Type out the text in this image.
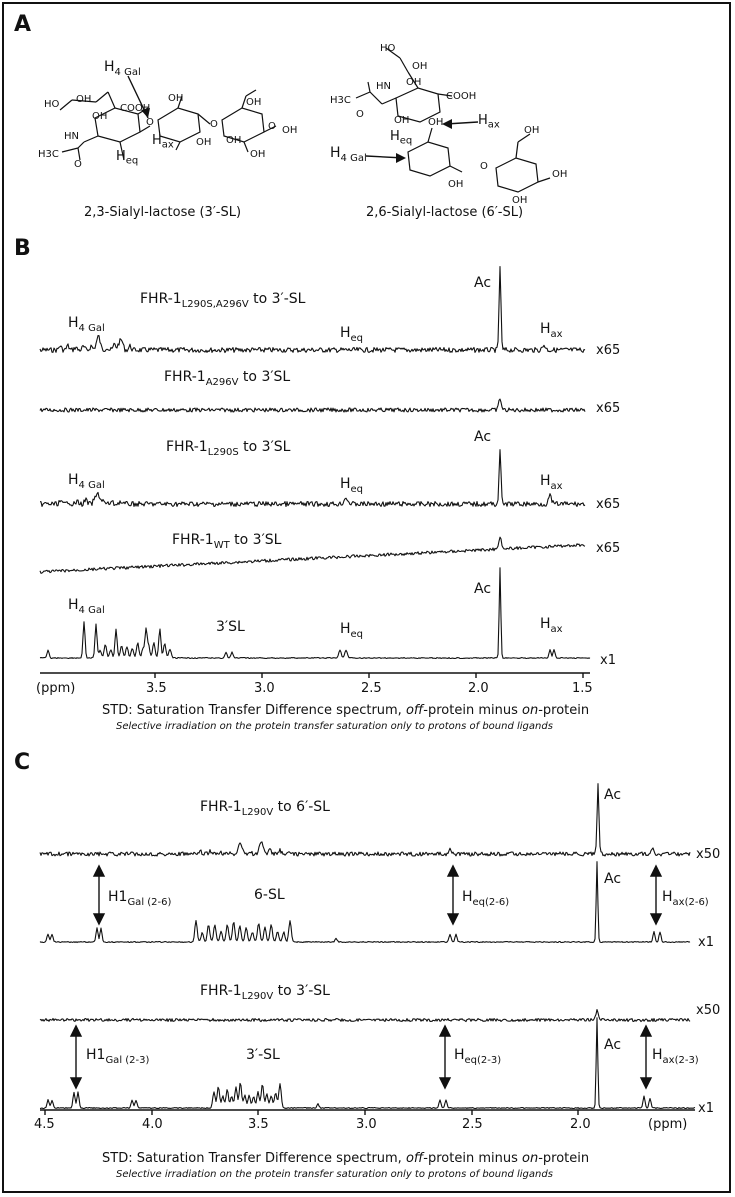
A
HO OH
OH
COOH
OH	OH
HN
O	O
OH OH
O OH
H3C
O
OH
HO
OH
OH
COOH
OH
HN
H3C
O
OH
OH
O
OH
OH
OH
$H_{4 Gal}$
$H_{ax}$
$H_{eq}$
2,3-Sialyl-lactose (3′-SL)
$H_{4 Gal}$
$H_{ax}$
$H_{eq}$
2,6-Sialyl-lactose (6′-SL)
B
FHR-$1_{L290S,A296V}$ to 3′-SL
FHR-$1_{A296V}$ to 3′SL
FHR-$1_{L290S}$ to 3′SL
FHR-$1_{WT}$ to 3′SL
x65
x65
x65
x65
x1
Ac
Ac
Ac
$H_{4 Gal}$
$H_{4 Gal}$
$H_{4 Gal}$
$H_{eq}$
$H_{eq}$
$H_{eq}$
$H_{ax}$
$H_{ax}$
$H_{ax}$
3′SL
(ppm)	3.5	3.0	2.5	2.0	1.5
STD: Saturation Transfer Difference spectrum, off-protein minus on-protein
Selective irradiation on the protein transfer saturation only to protons of bound ligands
C
FHR-$1_{L290V}$ to 6′-SL
x50
6-SL
x1
$H1_{Gal (2-6)}$	$H_{eq(2-6)}$	$H_{ax(2-6)}$
Ac
Ac
FHR-$1_{L290V}$ to 3′-SL
x50
3′-SL
x1
$H1_{Gal (2-3)}$	$H_{eq(2-3)}$	$H_{ax(2-3)}$
Ac
4.5	4.0	3.5	3.0	2.5	2.0	(ppm)
STD: Saturation Transfer Difference spectrum, off-protein minus on-protein
Selective irradiation on the protein transfer saturation only to protons of bound ligands
